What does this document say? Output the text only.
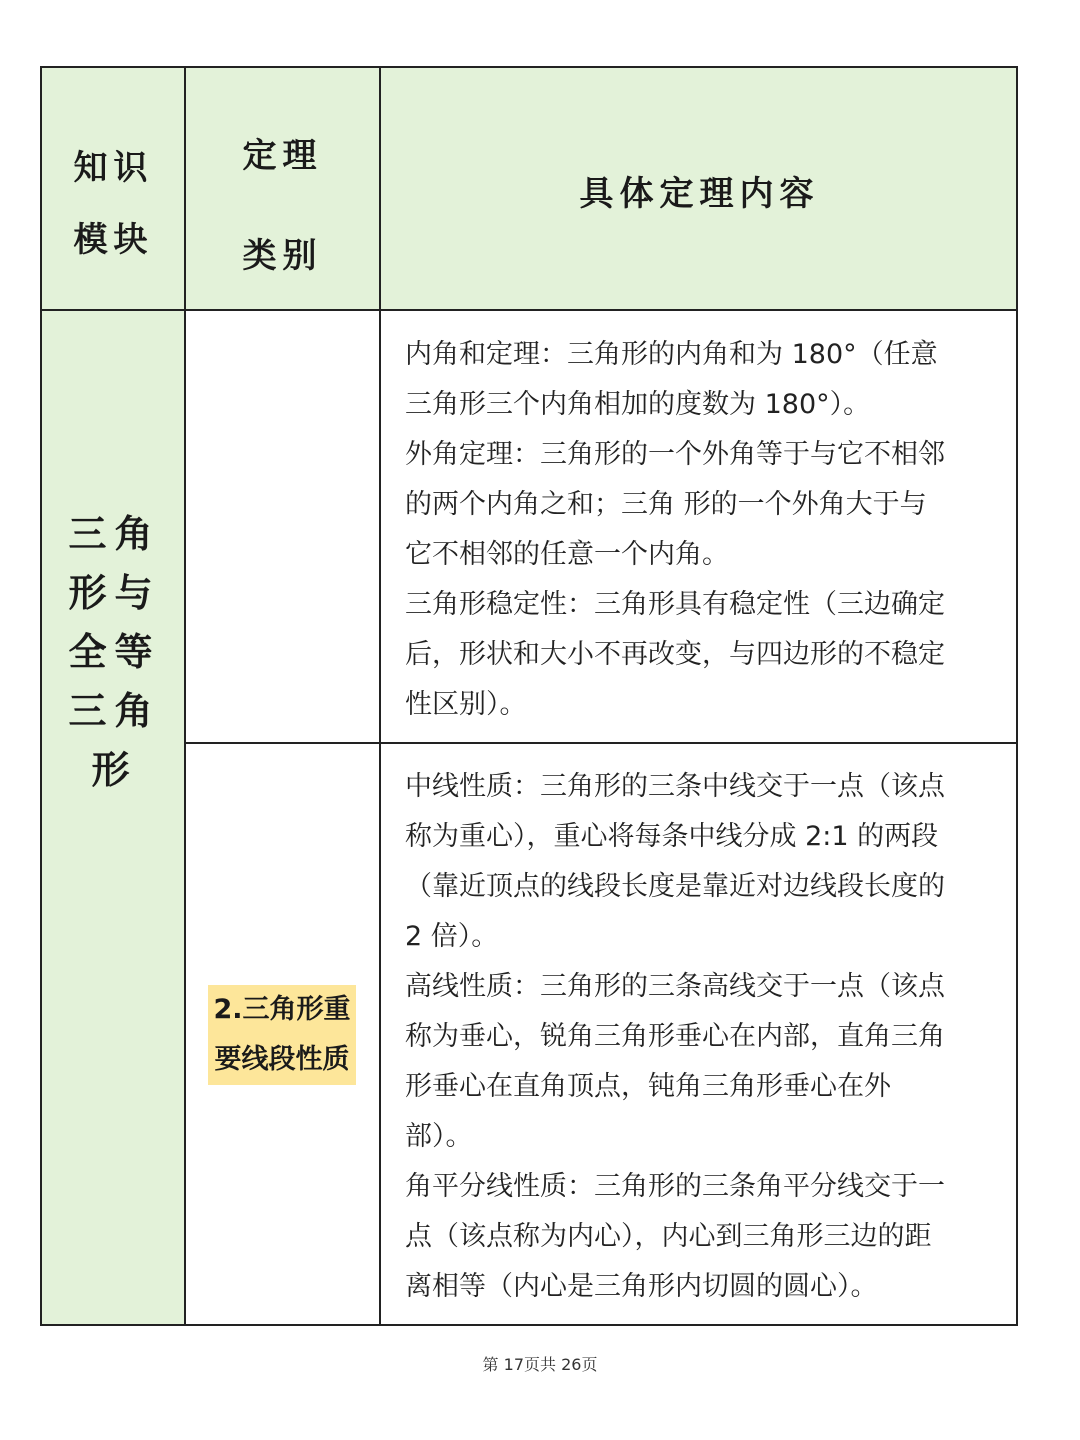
知识
模块
定理
类别
具体定理内容
三角
形与
全等
三角
形
内角和定理：三角形的内角和为 180°（任意
三角形三个内角相加的度数为 180°）。
外角定理：三角形的一个外角等于与它不相邻
的两个内角之和；三角 形的一个外角大于与
它不相邻的任意一个内角。
三角形稳定性：三角形具有稳定性（三边确定
后，形状和大小不再改变，与四边形的不稳定
性区别）。
2.三角形重
要线段性质
中线性质：三角形的三条中线交于一点（该点
称为重心），重心将每条中线分成 2:1 的两段
（靠近顶点的线段长度是靠近对边线段长度的
2 倍）。
高线性质：三角形的三条高线交于一点（该点
称为垂心，锐角三角形垂心在内部，直角三角
形垂心在直角顶点，钝角三角形垂心在外
部）。
角平分线性质：三角形的三条角平分线交于一
点（该点称为内心），内心到三角形三边的距
离相等（内心是三角形内切圆的圆心）。
第 17页共 26页
